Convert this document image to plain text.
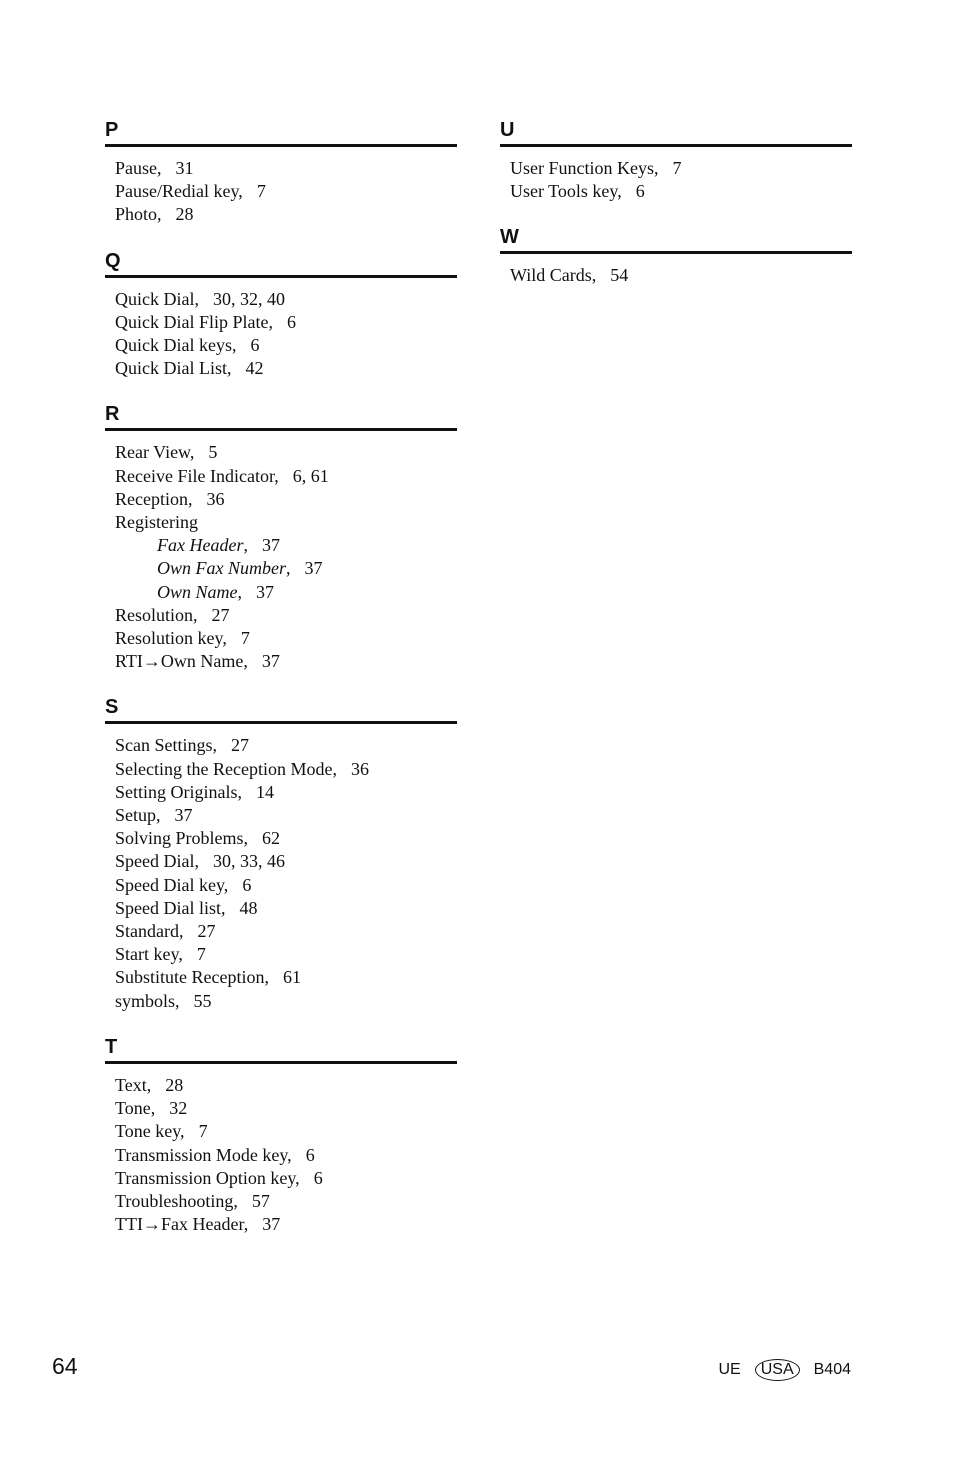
P
Pause, 31
Pause/Redial key, 7
Photo, 28
Q
Quick Dial, 30, 32, 40
Quick Dial Flip Plate, 6
Quick Dial keys, 6
Quick Dial List, 42
R
Rear View, 5
Receive File Indicator, 6, 61
Reception, 36
Registering
Fax Header, 37
Own Fax Number, 37
Own Name, 37
Resolution, 27
Resolution key, 7
RTI→Own Name, 37
S
Scan Settings, 27
Selecting the Reception Mode, 36
Setting Originals, 14
Setup, 37
Solving Problems, 62
Speed Dial, 30, 33, 46
Speed Dial key, 6
Speed Dial list, 48
Standard, 27
Start key, 7
Substitute Reception, 61
symbols, 55
T
Text, 28
Tone, 32
Tone key, 7
Transmission Mode key, 6
Transmission Option key, 6
Troubleshooting, 57
TTI→Fax Header, 37
U
User Function Keys, 7
User Tools key, 6
W
Wild Cards, 54
64	UE	USA	B404
